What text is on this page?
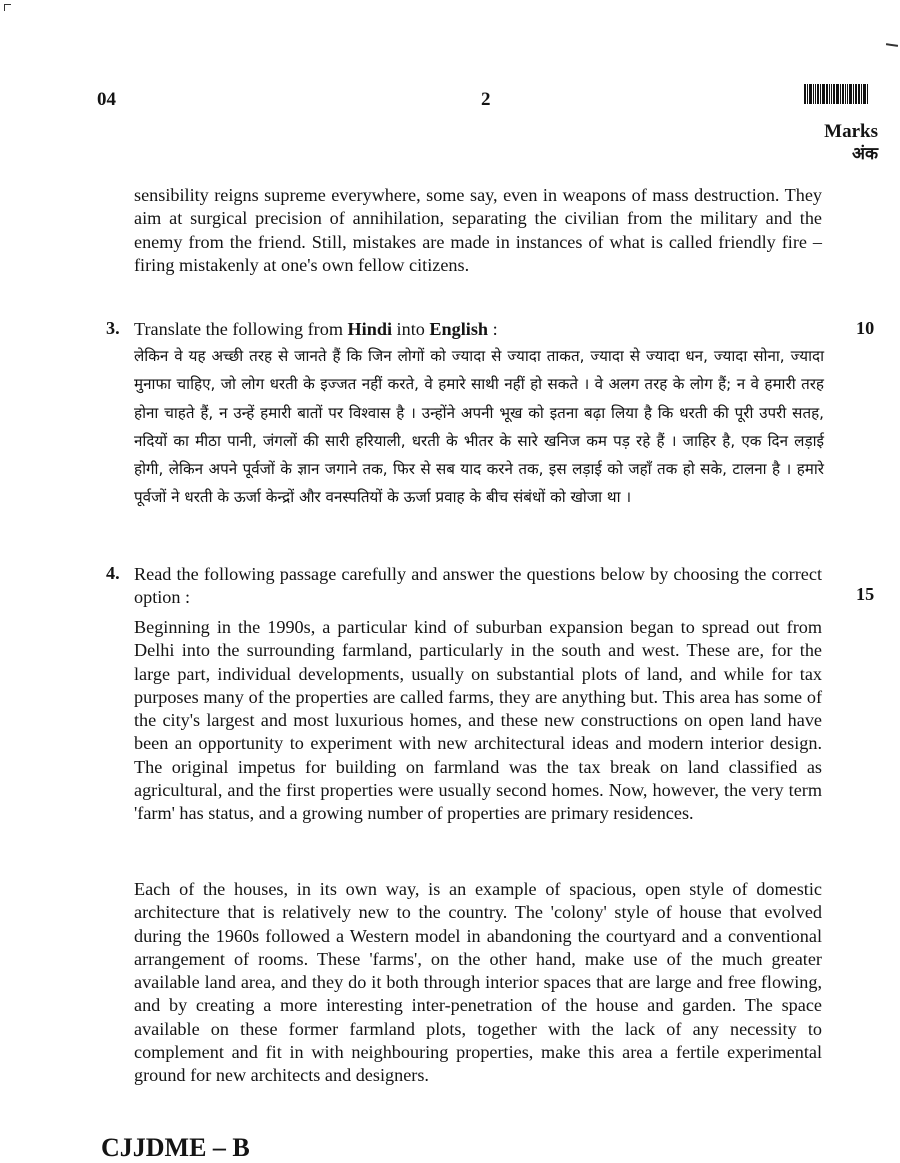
04	2
Marks
अंक

sensibility reigns supreme everywhere, some say, even in weapons of mass destruction. They aim at surgical precision of annihilation, separating the civilian from the military and the enemy from the friend. Still, mistakes are made in instances of what is called friendly fire – firing mistakenly at one's own fellow citizens.

3. Translate the following from Hindi into English :	10

लेकिन वे यह अच्छी तरह से जानते हैं कि जिन लोगों को ज्यादा से ज्यादा ताकत, ज्यादा से ज्यादा धन, ज्यादा सोना, ज्यादा मुनाफा चाहिए, जो लोग धरती के इज्जत नहीं करते, वे हमारे साथी नहीं हो सकते । वे अलग तरह के लोग हैं; न वे हमारी तरह होना चाहते हैं, न उन्हें हमारी बातों पर विश्वास है । उन्होंने अपनी भूख को इतना बढ़ा लिया है कि धरती की पूरी उपरी सतह, नदियों का मीठा पानी, जंगलों की सारी हरियाली, धरती के भीतर के सारे खनिज कम पड़ रहे हैं । जाहिर है, एक दिन लड़ाई होगी, लेकिन अपने पूर्वजों के ज्ञान जगाने तक, फिर से सब याद करने तक, इस लड़ाई को जहाँ तक हो सके, टालना है । हमारे पूर्वजों ने धरती के ऊर्जा केन्द्रों और वनस्पतियों के ऊर्जा प्रवाह के बीच संबंधों को खोजा था ।

4. Read the following passage carefully and answer the questions below by choosing the correct option :	15

Beginning in the 1990s, a particular kind of suburban expansion began to spread out from Delhi into the surrounding farmland, particularly in the south and west. These are, for the large part, individual developments, usually on substantial plots of land, and while for tax purposes many of the properties are called farms, they are anything but. This area has some of the city's largest and most luxurious homes, and these new constructions on open land have been an opportunity to experiment with new architectural ideas and modern interior design. The original impetus for building on farmland was the tax break on land classified as agricultural, and the first properties were usually second homes. Now, however, the very term 'farm' has status, and a growing number of properties are primary residences.

Each of the houses, in its own way, is an example of spacious, open style of domestic architecture that is relatively new to the country. The 'colony' style of house that evolved during the 1960s followed a Western model in abandoning the courtyard and a conventional arrangement of rooms. These 'farms', on the other hand, make use of the much greater available land area, and they do it both through interior spaces that are large and free flowing, and by creating a more interesting inter-penetration of the house and garden. The space available on these former farmland plots, together with the lack of any necessity to complement and fit in with neighbouring properties, make this area a fertile experimental ground for new architects and designers.

CJJDME – B
